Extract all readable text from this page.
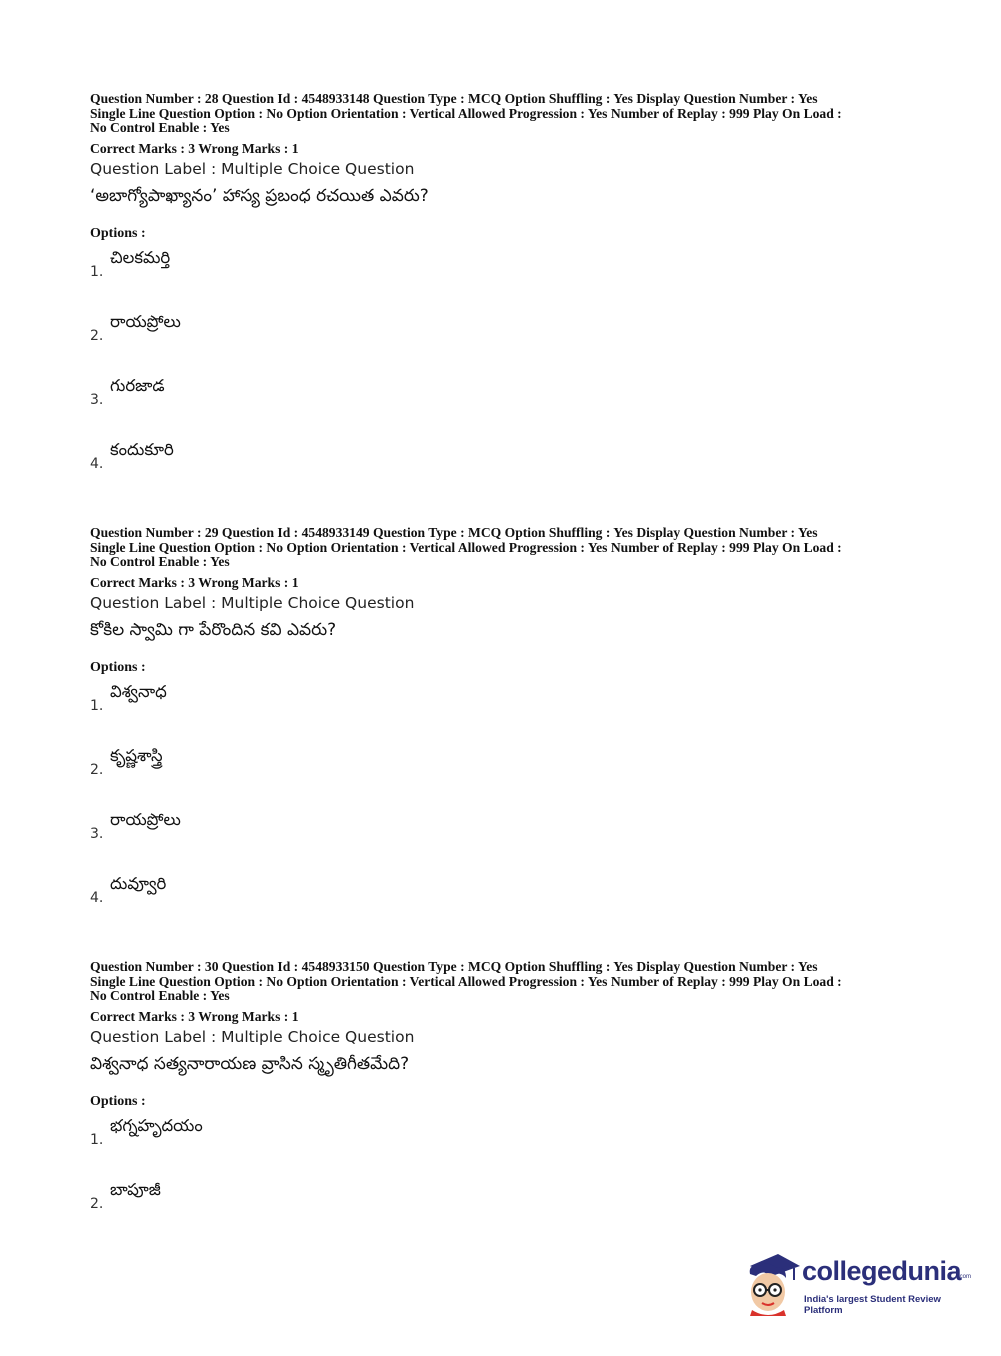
Question Number : 28 Question Id : 4548933148 Question Type : MCQ Option Shuffling : Yes Display Question Number : Yes

Single Line Question Option : No Option Orientation : Vertical Allowed Progression : Yes Number of Replay : 999 Play On Load :

No Control Enable : Yes

Correct Marks : 3 Wrong Marks : 1
Question Label : Multiple Choice Question
‘అబాగ్యోపాఖ్యానం’ హాస్య ప్రబంధ రచయిత ఎవరు?
Options :
1.
చిలకమర్తి
2.
రాయప్రోలు
3.
గురజాడ
4.
కందుకూరి

Question Number : 29 Question Id : 4548933149 Question Type : MCQ Option Shuffling : Yes Display Question Number : Yes

Single Line Question Option : No Option Orientation : Vertical Allowed Progression : Yes Number of Replay : 999 Play On Load :

No Control Enable : Yes

Correct Marks : 3 Wrong Marks : 1
Question Label : Multiple Choice Question
కోకిల స్వామి గా పేరొందిన కవి ఎవరు?
Options :
1.
విశ్వనాధ
2.
కృష్ణశాస్త్రి
3.
రాయప్రోలు
4.
దువ్వూరి

Question Number : 30 Question Id : 4548933150 Question Type : MCQ Option Shuffling : Yes Display Question Number : Yes

Single Line Question Option : No Option Orientation : Vertical Allowed Progression : Yes Number of Replay : 999 Play On Load :

No Control Enable : Yes

Correct Marks : 3 Wrong Marks : 1
Question Label : Multiple Choice Question
విశ్వనాధ సత్యనారాయణ వ్రాసిన స్మృతిగీతమేది?
Options :
1.
భగ్నహృదయం
2.
బాపూజీ
collegedunia
.com
India's largest Student Review Platform
